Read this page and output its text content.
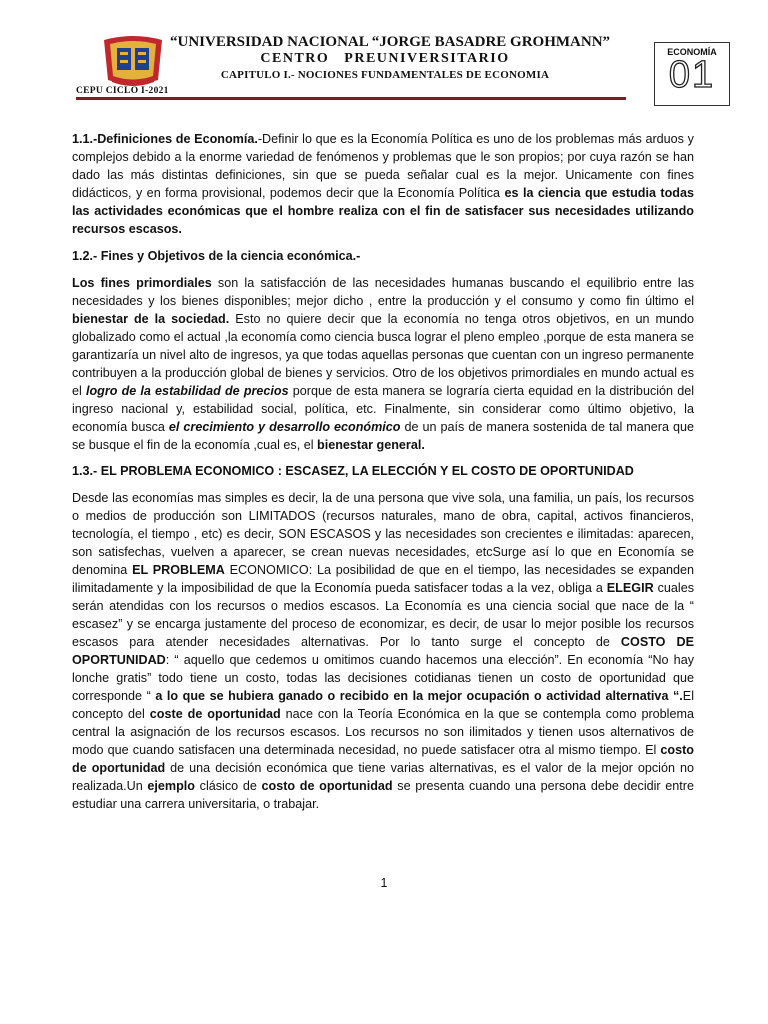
CEPU CICLO I-2021
“UNIVERSIDAD NACIONAL “JORGE BASADRE GROHMANN”
CENTRO PREUNIVERSITARIO
CAPITULO I.- NOCIONES FUNDAMENTALES DE ECONOMIA
ECONOMÍA
01

1.1.-Definiciones de Economía.-Definir lo que es la Economía Política es uno de los problemas más arduos y complejos debido a la enorme variedad de fenómenos y problemas que le son propios; por cuya razón se han dado las más distintas definiciones, sin que se pueda señalar cual es la mejor. Unicamente con fines didácticos, y en forma provisional, podemos decir que la Economía Política es la ciencia que estudia todas las actividades económicas que el hombre realiza con el fin de satisfacer sus necesidades utilizando recursos escasos.

1.2.- Fines y Objetivos de la ciencia económica.-

Los fines primordiales son la satisfacción de las necesidades humanas buscando el equilibrio entre las necesidades y los bienes disponibles; mejor dicho , entre la producción y el consumo y como fin último el bienestar de la sociedad. Esto no quiere decir que la economía no tenga otros objetivos, en un mundo globalizado como el actual ,la economía como ciencia busca lograr el pleno empleo ,porque de esta manera se garantizaría un nivel alto de ingresos, ya que todas aquellas personas que cuentan con un ingreso permanente contribuyen a la producción global de bienes y servicios. Otro de los objetivos primordiales en mundo actual es el logro de la estabilidad de precios porque de esta manera se lograría cierta equidad en la distribución del ingreso nacional y, estabilidad social, política, etc. Finalmente, sin considerar como último objetivo, la economía busca el crecimiento y desarrollo económico de un país de manera sostenida de tal manera que se busque el fin de la economía ,cual es, el bienestar general.

1.3.- EL PROBLEMA ECONOMICO : ESCASEZ, LA ELECCIÓN Y EL COSTO DE OPORTUNIDAD

Desde las economías mas simples es decir, la de una persona que vive sola, una familia, un país, los recursos o medios de producción son LIMITADOS (recursos naturales, mano de obra, capital, activos financieros, tecnología, el tiempo , etc) es decir, SON ESCASOS y las necesidades son crecientes e ilimitadas: aparecen, son satisfechas, vuelven a aparecer, se crean nuevas necesidades, etcSurge así lo que en Economía se denomina EL PROBLEMA ECONOMICO: La posibilidad de que en el tiempo, las necesidades se expanden ilimitadamente y la imposibilidad de que la Economía pueda satisfacer todas a la vez, obliga a ELEGIR cuales serán atendidas con los recursos o medios escasos. La Economía es una ciencia social que nace de la “ escasez” y se encarga justamente del proceso de economizar, es decir, de usar lo mejor posible los recursos escasos para atender necesidades alternativas. Por lo tanto surge el concepto de COSTO DE OPORTUNIDAD: “ aquello que cedemos u omitimos cuando hacemos una elección”. En economía “No hay lonche gratis” todo tiene un costo, todas las decisiones cotidianas tienen un costo de oportunidad que corresponde “ a lo que se hubiera ganado o recibido en la mejor ocupación o actividad alternativa “.El concepto del coste de oportunidad nace con la Teoría Económica en la que se contempla como problema central la asignación de los recursos escasos. Los recursos no son ilimitados y tienen usos alternativos de modo que cuando satisfacen una determinada necesidad, no puede satisfacer otra al mismo tiempo. El costo de oportunidad de una decisión económica que tiene varias alternativas, es el valor de la mejor opción no realizada.Un ejemplo clásico de costo de oportunidad se presenta cuando una persona debe decidir entre estudiar una carrera universitaria, o trabajar.

1
